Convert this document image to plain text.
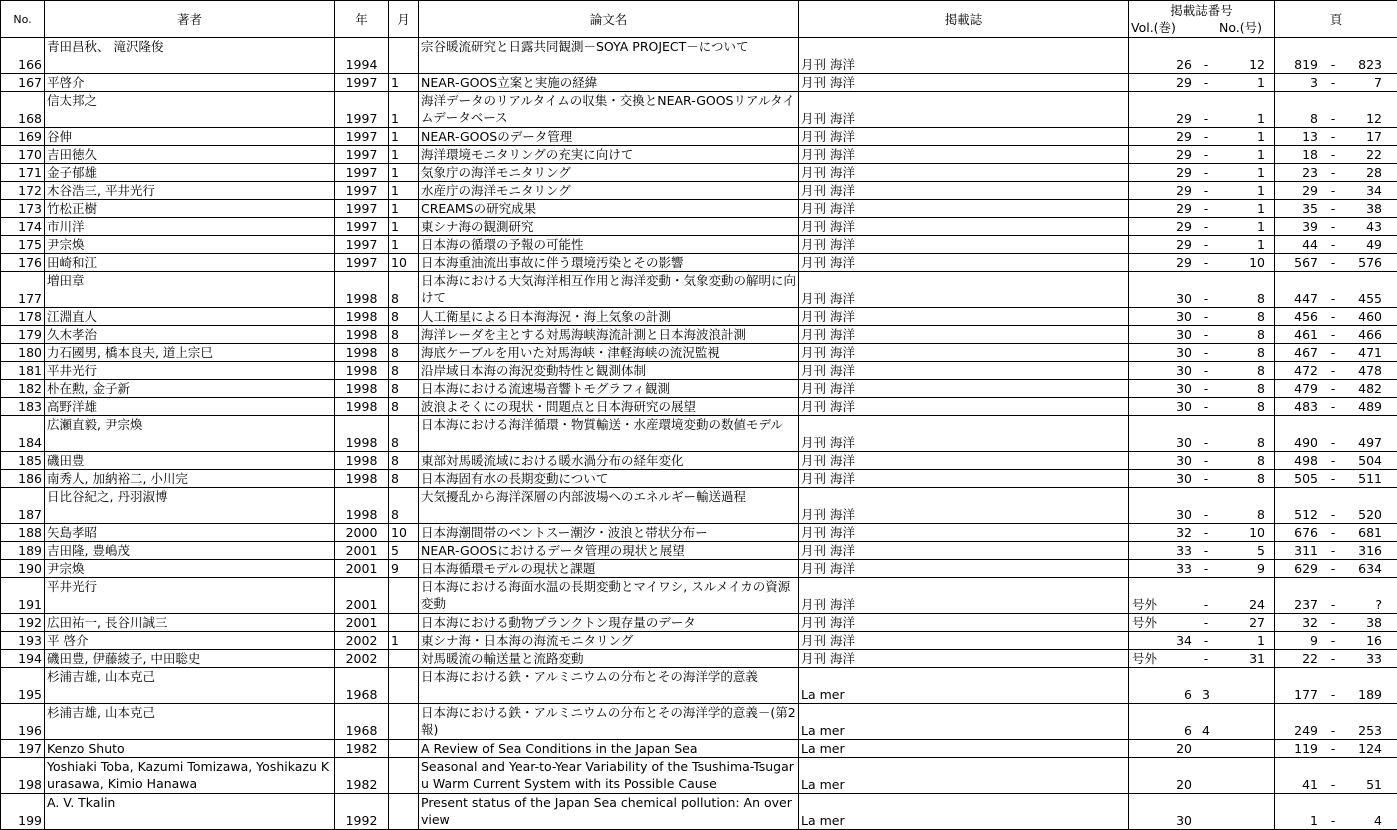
No.	著者	年	月	論文名	掲載誌	掲載誌番号
Vol.(巻) No.(号)	頁
166	青田昌秋、 滝沢隆俊	1994		宗谷暖流研究と日露共同観測－SOYA PROJECT－について	月刊 海洋	26 - 12	819 - 823
167	平啓介	1997	1	NEAR-GOOS立案と実施の経緯	月刊 海洋	29 - 1	3 - 7
168	信太邦之	1997	1	海洋データのリアルタイムの収集・交換とNEAR-GOOSリアルタイムデータベース	月刊 海洋	29 - 1	8 - 12
169	谷伸	1997	1	NEAR-GOOSのデータ管理	月刊 海洋	29 - 1	13 - 17
170	吉田徳久	1997	1	海洋環境モニタリングの充実に向けて	月刊 海洋	29 - 1	18 - 22
171	金子郁雄	1997	1	気象庁の海洋モニタリング	月刊 海洋	29 - 1	23 - 28
172	木谷浩三, 平井光行	1997	1	水産庁の海洋モニタリング	月刊 海洋	29 - 1	29 - 34
173	竹松正樹	1997	1	CREAMSの研究成果	月刊 海洋	29 - 1	35 - 38
174	市川洋	1997	1	東シナ海の観測研究	月刊 海洋	29 - 1	39 - 43
175	尹宗煥	1997	1	日本海の循環の予報の可能性	月刊 海洋	29 - 1	44 - 49
176	田崎和江	1997	10	日本海重油流出事故に伴う環境汚染とその影響	月刊 海洋	29 - 10	567 - 576
177	増田章	1998	8	日本海における大気海洋相互作用と海洋変動・気象変動の解明に向けて	月刊 海洋	30 - 8	447 - 455
178	江淵直人	1998	8	人工衛星による日本海海況・海上気象の計測	月刊 海洋	30 - 8	456 - 460
179	久木孝治	1998	8	海洋レーダを主とする対馬海峡海流計測と日本海波浪計測	月刊 海洋	30 - 8	461 - 466
180	力石國男, 橋本良夫, 道上宗巳	1998	8	海底ケーブルを用いた対馬海峡・津軽海峡の流況監視	月刊 海洋	30 - 8	467 - 471
181	平井光行	1998	8	沿岸域日本海の海況変動特性と観測体制	月刊 海洋	30 - 8	472 - 478
182	朴在勲, 金子新	1998	8	日本海における流速場音響トモグラフィ観測	月刊 海洋	30 - 8	479 - 482
183	高野洋雄	1998	8	波浪よそくにの現状・問題点と日本海研究の展望	月刊 海洋	30 - 8	483 - 489
184	広瀬直毅, 尹宗煥	1998	8	日本海における海洋循環・物質輸送・水産環境変動の数値モデル	月刊 海洋	30 - 8	490 - 497
185	磯田豊	1998	8	東部対馬暖流域における暖水渦分布の経年変化	月刊 海洋	30 - 8	498 - 504
186	南秀人, 加納裕二, 小川完	1998	8	日本海固有水の長期変動について	月刊 海洋	30 - 8	505 - 511
187	日比谷紀之, 丹羽淑博	1998	8	大気擾乱から海洋深層の内部波場へのエネルギー輸送過程	月刊 海洋	30 - 8	512 - 520
188	矢島孝昭	2000	10	日本海潮間帯のベントスー潮汐・波浪と帯状分布ー	月刊 海洋	32 - 10	676 - 681
189	吉田隆, 豊嶋茂	2001	5	NEAR-GOOSにおけるデータ管理の現状と展望	月刊 海洋	33 - 5	311 - 316
190	尹宗煥	2001	9	日本海循環モデルの現状と課題	月刊 海洋	33 - 9	629 - 634
191	平井光行	2001		日本海における海面水温の長期変動とマイワシ, スルメイカの資源変動	月刊 海洋	号外 - 24	237 - ?
192	広田祐一, 長谷川誠三	2001		日本海における動物プランクトン現存量のデータ	月刊 海洋	号外 - 27	32 - 38
193	平 啓介	2002	1	東シナ海・日本海の海流モニタリング	月刊 海洋	34 - 1	9 - 16
194	磯田豊, 伊藤綾子, 中田聡史	2002		対馬暖流の輸送量と流路変動	月刊 海洋	号外 - 31	22 - 33
195	杉浦吉雄, 山本克己	1968		日本海における鉄・アルミニウムの分布とその海洋学的意義	La mer	6 3	177 - 189
196	杉浦吉雄, 山本克己	1968		日本海における鉄・アルミニウムの分布とその海洋学的意義－(第2報)	La mer	6 4	249 - 253
197	Kenzo Shuto	1982		A Review of Sea Conditions in the Japan Sea	La mer	20	119 - 124
198	Yoshiaki Toba, Kazumi Tomizawa, Yoshikazu Kurasawa, Kimio Hanawa	1982		Seasonal and Year-to-Year Variability of the Tsushima-Tsugaru Warm Current System with its Possible Cause	La mer	20	41 - 51
199	A. V. Tkalin	1992		Present status of the Japan Sea chemical pollution: An overview	La mer	30	1 - 4
